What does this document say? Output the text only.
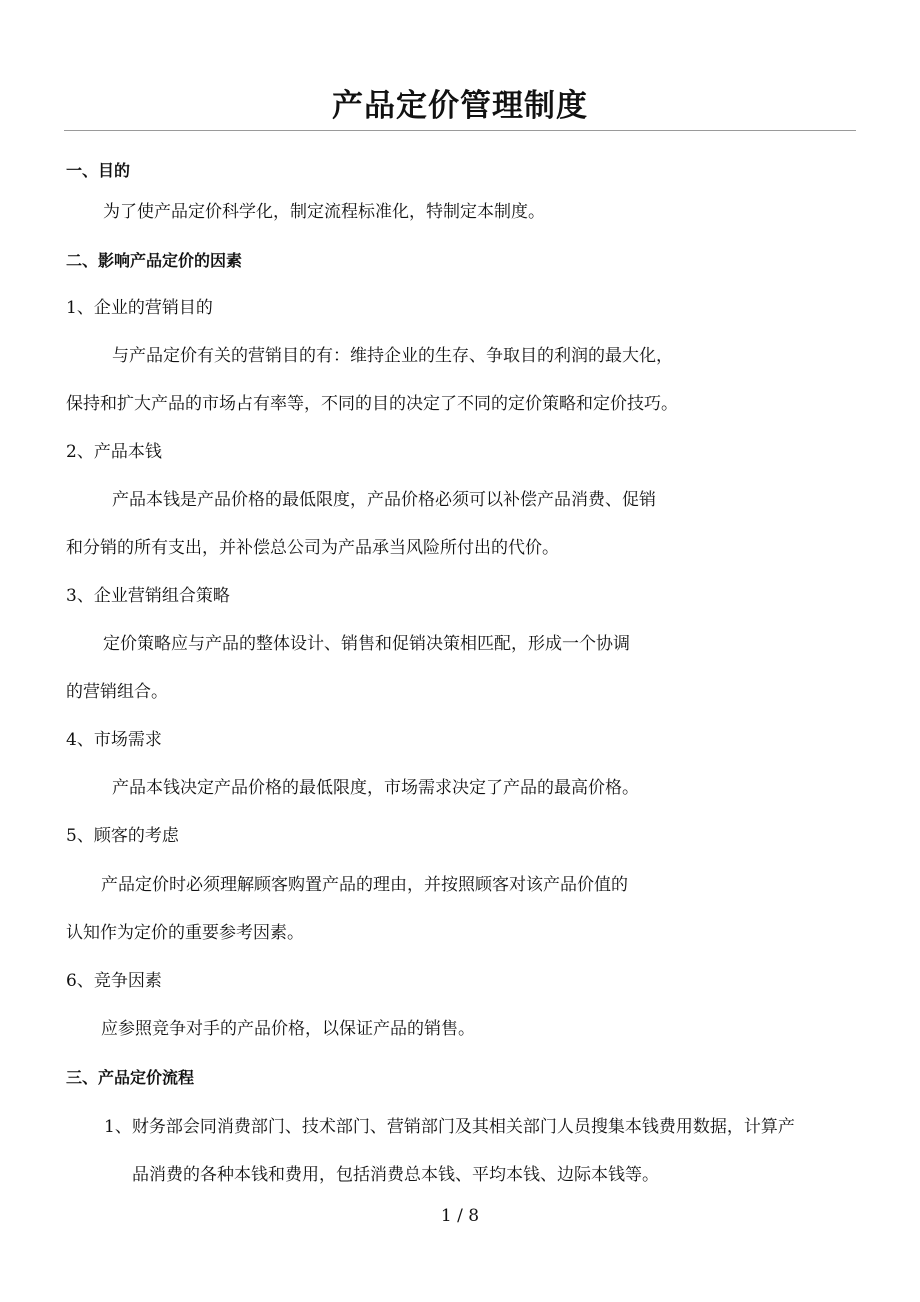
产品定价管理制度
一、目的
为了使产品定价科学化，制定流程标准化，特制定本制度。
二、影响产品定价的因素
1、企业的营销目的
与产品定价有关的营销目的有：维持企业的生存、争取目的利润的最大化，
保持和扩大产品的市场占有率等，不同的目的决定了不同的定价策略和定价技巧。
2、产品本钱
产品本钱是产品价格的最低限度，产品价格必须可以补偿产品消费、促销
和分销的所有支出，并补偿总公司为产品承当风险所付出的代价。
3、企业营销组合策略
定价策略应与产品的整体设计、销售和促销决策相匹配，形成一个协调
的营销组合。
4、市场需求
产品本钱决定产品价格的最低限度，市场需求决定了产品的最高价格。
5、顾客的考虑
产品定价时必须理解顾客购置产品的理由，并按照顾客对该产品价值的
认知作为定价的重要参考因素。
6、竞争因素
应参照竞争对手的产品价格，以保证产品的销售。
三、产品定价流程
1、财务部会同消费部门、技术部门、营销部门及其相关部门人员搜集本钱费用数据，计算产
品消费的各种本钱和费用，包括消费总本钱、平均本钱、边际本钱等。
1 / 8
